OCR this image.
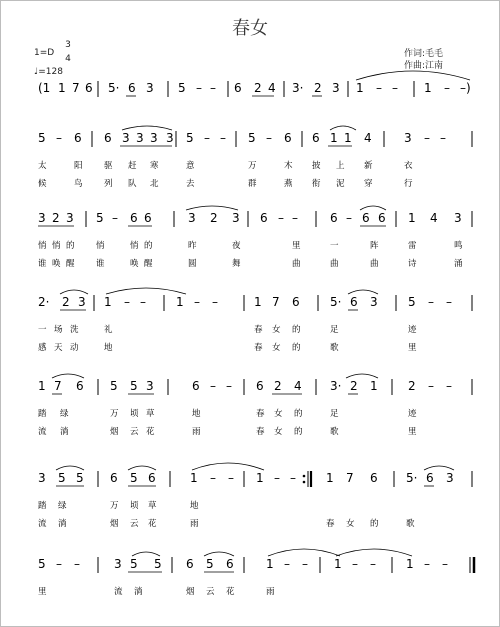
春女
1=D
3
4
♩=128
作词:毛毛
作曲:江南
(1 1 7 6 5· 6 3 5 – – 6 2 4 3· 2 3 1 – – 1 – –)
5 – 6 6 3 3 3 3 5 – – 5 – 6 6 1 1 4	3 – –
太	阳	驱 赶 寒	意	万	木 披 上 新	衣
候	鸟	列 队 北	去	群	燕 衔 泥 穿	行
3 2 3 5 – 6 6	3 2 3 6 – –	6 – 6 6 1 4 3
悄 悄 的	悄	悄 的	昨	夜	里	一	阵	雷	鸣
谁 唤 醒	谁	唤 醒	圆	舞	曲	曲	曲	诗	涌
2· 2 3 1 – –	1 – –	1 7 6	5· 6 3	5 – –
一 场 洗	礼	春 女 的	足	迹
感 天 动	地	春 女 的	歌	里
1 7 6 5 5 3	6 – – 6 2 4 3· 2 1	2 – –
踏 绿	万 顷 草	地	春 女 的	足	迹
流 淌	烟 云 花	雨	春 女 的	歌	里
3 5 5 6 5 6	1 – – 1 – –	1 7 6 5· 6 3
踏 绿	万 顷 草	地
流 淌	烟 云 花	雨	春 女 的	歌
5 – –	3 5 5 6 5 6	1 – – 1 – –	1 – –
里	流 淌	烟 云 花	雨
